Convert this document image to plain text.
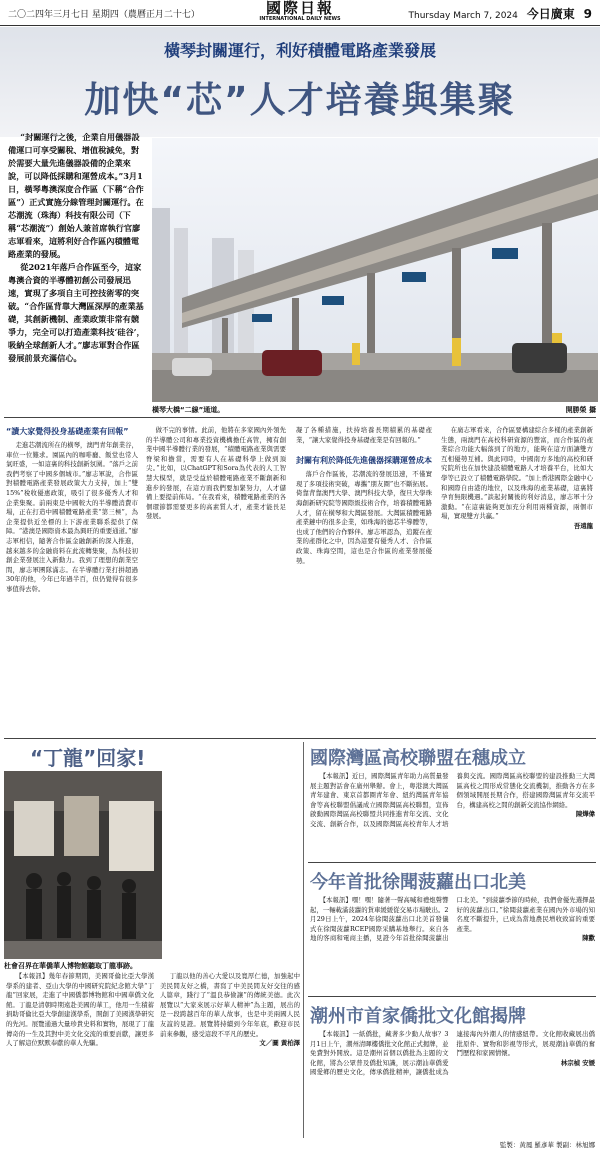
二〇二四年三月七日 星期四（農曆正月二十七）	國際日報
INTERNATIONAL DAILY NEWS	Thursday March 7, 2024 今日廣東 9
橫琴封關運行，利好積體電路產業發展
加快“芯”人才培養與集聚

“封關運行之後，企業自用儀器設備運口可享受關稅、增值稅減免，對於需要大量先進儀器設備的企業來說，可以降低採購和運營成本。”3月1日，橫琴粵澳深度合作區（下稱“合作區”）正式實施分線管理封關運行。在芯潮流（珠海）科技有限公司（下稱“芯潮流”）創始人兼首席執行官廖志軍看來，這將利好合作區內積體電路產業的發展。

從2021年落戶合作區至今，這家粵澳合資的半導體初創公司發展迅速，實現了多項自主可控技術零的突破。“合作區背靠大灣區深厚的產業基礎，其創新機制、產業政策非常有競爭力，完全可以打造產業科技‘硅谷’，吸納全球創新人才。”廖志軍對合作區發展前景充滿信心。

橫琴大橋“二線”通道。	開勝榮 攝
“讀大家覺得投身基礎產業有回報”

走進芯潮流所在的橫琴，澳門青年創業谷，車位一位難求。園區內的咖啡廳、飯堂也常人氣旺盛，一如這裏的科技創新氛圍。“落戶之前我們考察了中國多個城市。”廖志軍說，合作區對積體電路產業發展政策大力支持，加上“雙15%”稅收優惠政策，吸引了很多優秀人才和企業集聚。前兩東是中國較大的半導體消費市場，正在打造中國積體電路產業“第三極”，為企業提供近坐標的上下游產業聯系提供了保障。“港澳是國際資本最為興旺的重要通道。”廖志軍相信，隨著合作區金融創新的深入推進，越來越多的金融資料在此流轉集聚，為科技初創企業發展注入新動力。我到了理想的創業空間，廖志軍團隊滿志。在半導體行業打拼超過30年的他，今年已年過半百，但仍覺得有很多事值得去幹。

做不完的事情。此前，他將在多家國內外領先的半導體公司和專業投資機構擔任高管，擁有創業中國半導體行業的發展，“積體電路產業與需要脊梁和擔當，需要有人在基礎科學上做到頂尖。”比如，以ChatGPT和Sora為代表的人工智慧大模型，就是受益於積體電路產業不斷創新和進步的發展，在這方面我們要加緊努力，人才儲備上要提前佈局。“在我看來，積體電路產業的各個環節都需要更多的高素質人才，產業才能長足發展。

凝了各種措施，扶持培養長期積累的基礎產業，“讓大家覺得投身基礎產業是有回報的。”

封關有利於降低先進儀器採購運營成本

落戶合作區後，芯潮流的發展迅速，不僅實現了多項技術突破，專攜“朋友圈”也不斷拓展。倚靠背靠澳門大學、澳門科技大學，復旦大學珠海創新研究院等國際級技術合作，培養積體電路人才，留在橫琴和大灣區發展。大灣區積體電路產業鏈中的很多企業，如珠海的德芯半導體等，也成了他們的合作夥伴。廖志軍認為，追蹤在產業的產群化之中，因為這要有優秀人才、合作區政策、珠海空間，這也是合作區的產業發展優勢。

在廣志軍看來，合作區要構建綜合多樣的產業創新生態，兩澳門在高校科研資源的豐富，而合作區的產業綜合功能大幅落到了的地方，能夠在這方面讓雙方互相優勢互補。與此同時，中國南方多地的高校和研究院所也在加快建設積體電路人才培養平台，比如大學等已設立了積體電路學院。“加上香港國際金融中心和國際自由港的地位，以及珠海的產業基礎，這裏將孕育無限機遇。”談起封關後的利好消息，廖志軍十分激動。“在這裏能夠更加充分利用兩種資源，兩個市場，實現雙方共贏。”

吾遠龍

“丁龍”回家!
杜會召界在華僑華人博物館聽取丁龍事跡。

【本報訊】幾年春節期間，美國哥倫比亞大學漢學系的建者、亞山大學的中國研究院紀念館大學“丁龍”回家展，走進了中國僑都博物館和中國華僑文化館。丁龍是清朝時期遠赴美國的華工，他用一生積蓄捐助哥倫比亞大學創建漢學系，開創了美國漢學研究的先河。展覽通過大量珍貴史料和實物，展現了丁龍傳奇的一生及其對中美文化交流的重要貢獻，讓更多人了解這位默默奉獻的華人先驅。

丁龍以他的善心大愛以及寬厚仁德，加強起中美民間友好之橋，書寫了中美民間友好交往的感人篇章，踐行了“溫良恭儉讓”的傳統美德。此次展覽以“大家來展示好華人精神”為主題，展出的是一段跨越百年的華人故事，也是中美兩國人民友誼的見證。展覽將持續到今年年底，歡迎市民前來參觀，感受這段不平凡的歷史。

文／圖 黃柏澤

國際灣區高校聯盟在穗成立

【本報訊】近日，國際灣區青年助力高質量發展主題對話會在廣州舉辦。會上，粵港澳大灣區青年建會、東京首都圈青年會、紐約灣區青年協會等高校聯盟倡議成立國際灣區高校聯盟，宣佈啟動國際灣區高校聯盟共同推進青年交流、文化交流、創新合作，以及國際灣區高校青年人才培養與交流。國際灣區高校聯盟的建設推動三大灣區高校之間形成常態化交流機制，推動各方在多個領域開展長期合作，搭建國際灣區青年交流平台，構建高校之間的創新交流協作網絡。

陳燁偉

今年首批徐聞菠蘿出口北美

【本報訊】嘿！嘿！隨著一聲高喊和禮炮聲響起，一輛載滿菠蘿的貨車緩緩從交易市場駛出。2月29日上午，2024年徐聞菠蘿出口北美首發儀式在徐聞菠蘿RCEP國際采購基地舉行。來自各地的客商和電商主播，見證今年首批徐聞菠蘿出口北美。“到菠蘿季節的時候，我們會優先選擇最好的菠蘿出口。”徐聞菠蘿產業在國內外市場的知名度不斷提升，已成為當地農民增收致富的重要產業。

陳歡

潮州市首家僑批文化館揭牌

【本報訊】一紙僑批，藏著多少動人故事？3月1日上午，潮州清暉樓僑批文化館正式揭牌，並免費對外開放。這是潮州首個以僑批為主題的文化館，將為公眾普及僑批知識，展示潮汕華僑愛國愛鄉的歷史文化，傳承僑批精神，讓僑批成為連接海內外潮人的情感紐帶。文化館收藏展出僑批原件、實物和影視等形式，展現潮汕華僑的奮鬥歷程和家國情懷。

林宗楨 安媛

監製：黃鳳 羅彥華 製副：林旭娜
